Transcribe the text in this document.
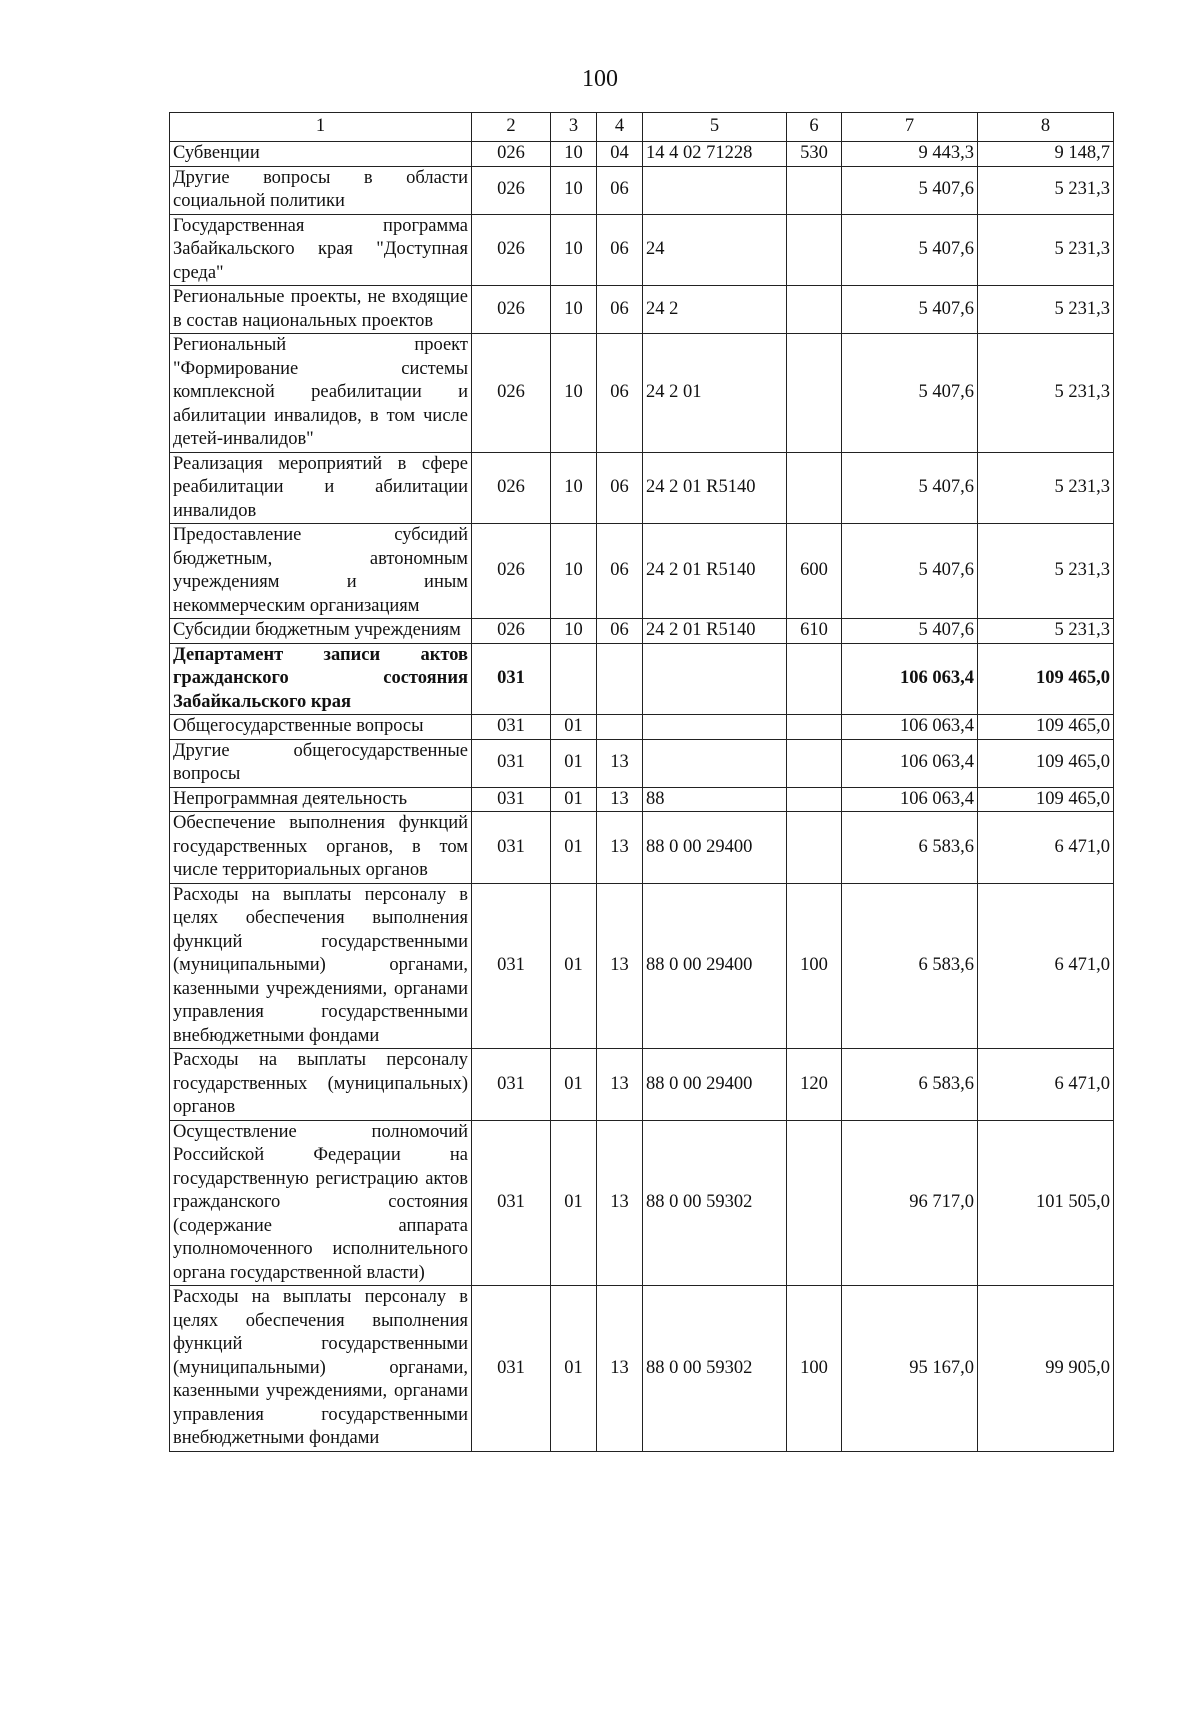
100
1	2	3	4	5	6	7	8
Субвенции	026	10	04	14 4 02 71228	530	9 443,3	9 148,7
Другие вопросы в области социальной политики	026	10	06			5 407,6	5 231,3
Государственная программа Забайкальского края "Доступная среда"	026	10	06	24		5 407,6	5 231,3
Региональные проекты, не входящие в состав национальных проектов	026	10	06	24 2		5 407,6	5 231,3
Региональный проект "Формирование системы комплексной реабилитации и абилитации инвалидов, в том числе детей-инвалидов"	026	10	06	24 2 01		5 407,6	5 231,3
Реализация мероприятий в сфере реабилитации и абилитации инвалидов	026	10	06	24 2 01 R5140		5 407,6	5 231,3
Предоставление субсидий бюджетным, автономным учреждениям и иным некоммерческим организациям	026	10	06	24 2 01 R5140	600	5 407,6	5 231,3
Субсидии бюджетным учреждениям	026	10	06	24 2 01 R5140	610	5 407,6	5 231,3
Департамент записи актов гражданского состояния Забайкальского края	031					106 063,4	109 465,0
Общегосударственные вопросы	031	01				106 063,4	109 465,0
Другие общегосударственные вопросы	031	01	13			106 063,4	109 465,0
Непрограммная деятельность	031	01	13	88		106 063,4	109 465,0
Обеспечение выполнения функций государственных органов, в том числе территориальных органов	031	01	13	88 0 00 29400		6 583,6	6 471,0
Расходы на выплаты персоналу в целях обеспечения выполнения функций государственными (муниципальными) органами, казенными учреждениями, органами управления государственными внебюджетными фондами	031	01	13	88 0 00 29400	100	6 583,6	6 471,0
Расходы на выплаты персоналу государственных (муниципальных) органов	031	01	13	88 0 00 29400	120	6 583,6	6 471,0
Осуществление полномочий Российской Федерации на государственную регистрацию актов гражданского состояния (содержание аппарата уполномоченного исполнительного органа государственной власти)	031	01	13	88 0 00 59302		96 717,0	101 505,0
Расходы на выплаты персоналу в целях обеспечения выполнения функций государственными (муниципальными) органами, казенными учреждениями, органами управления государственными внебюджетными фондами	031	01	13	88 0 00 59302	100	95 167,0	99 905,0
